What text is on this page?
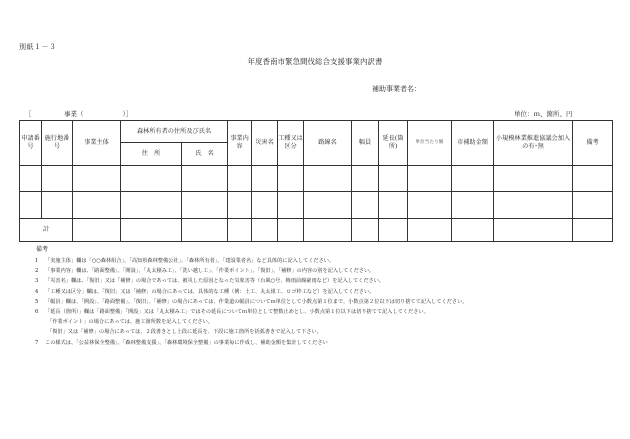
別紙１－３
年度香南市緊急間伐総合支援事業内訳書
補助事業者名：
［　　　　　事業（　　　　　　）］	単位：ｍ、箇所、円
申請番号	施行地番号	事業主体	森林所有者の住所及び氏名		事業内容	災害名	工種又は区分	路線名	幅員	延長(箇所)	単位当たり額	市補助金額	小規模林業推進協議会加入の有･無	備考
			住　所	氏　名										

計														
備考
1	「実施主体」欄は「○○森林組合」、「高知県森林整備公社」、「森林所有者」、「建設業者名」など具体的に記入してください。
2	「事業内容」欄は、「路面整備」、「開設」、「丸太積み工」、「洗い越し工」、「作業ポイント」、「復旧」、「補修」の内容の別を記入してください。
3	「災害名」欄は、「復旧」又は「補修」の場合であっては、被災した原因となった気象害等（台風○号、梅雨前線豪雨など）を記入してください。
4	「工種又は区分」欄は、「復旧」又は「補修」の場合にあっては、具体的な工種（例：土工、丸太組工、ロゴ枠工など）を記入してください。
5	「幅員」欄は、「開設」、「路面整備」、「復旧」、「補修」の場合にあっては、作業道の幅員についてｍ単位として小数点第１位まで、小数点第２位以下は切り捨てて記入してください。
6	「延長（箇所）」欄は「路面整備」「開設」又は「丸太積み工」ではその延長についてｍ単位として整数止めとし、小数点第１位以下は切り捨てて記入してください。
「作業ポイント」の場合にあっては、施工箇所数を記入してください。
「復旧」又は「補修」の場合にあっては、２段書きとし上段に延長を、下段に施工箇所を括弧書きで記入して下さい。
7	この様式は、「公益林保全整備」、「森林整備支援」、「森林環境保全整備」の事業毎に作成し、補助金額を集計してください
